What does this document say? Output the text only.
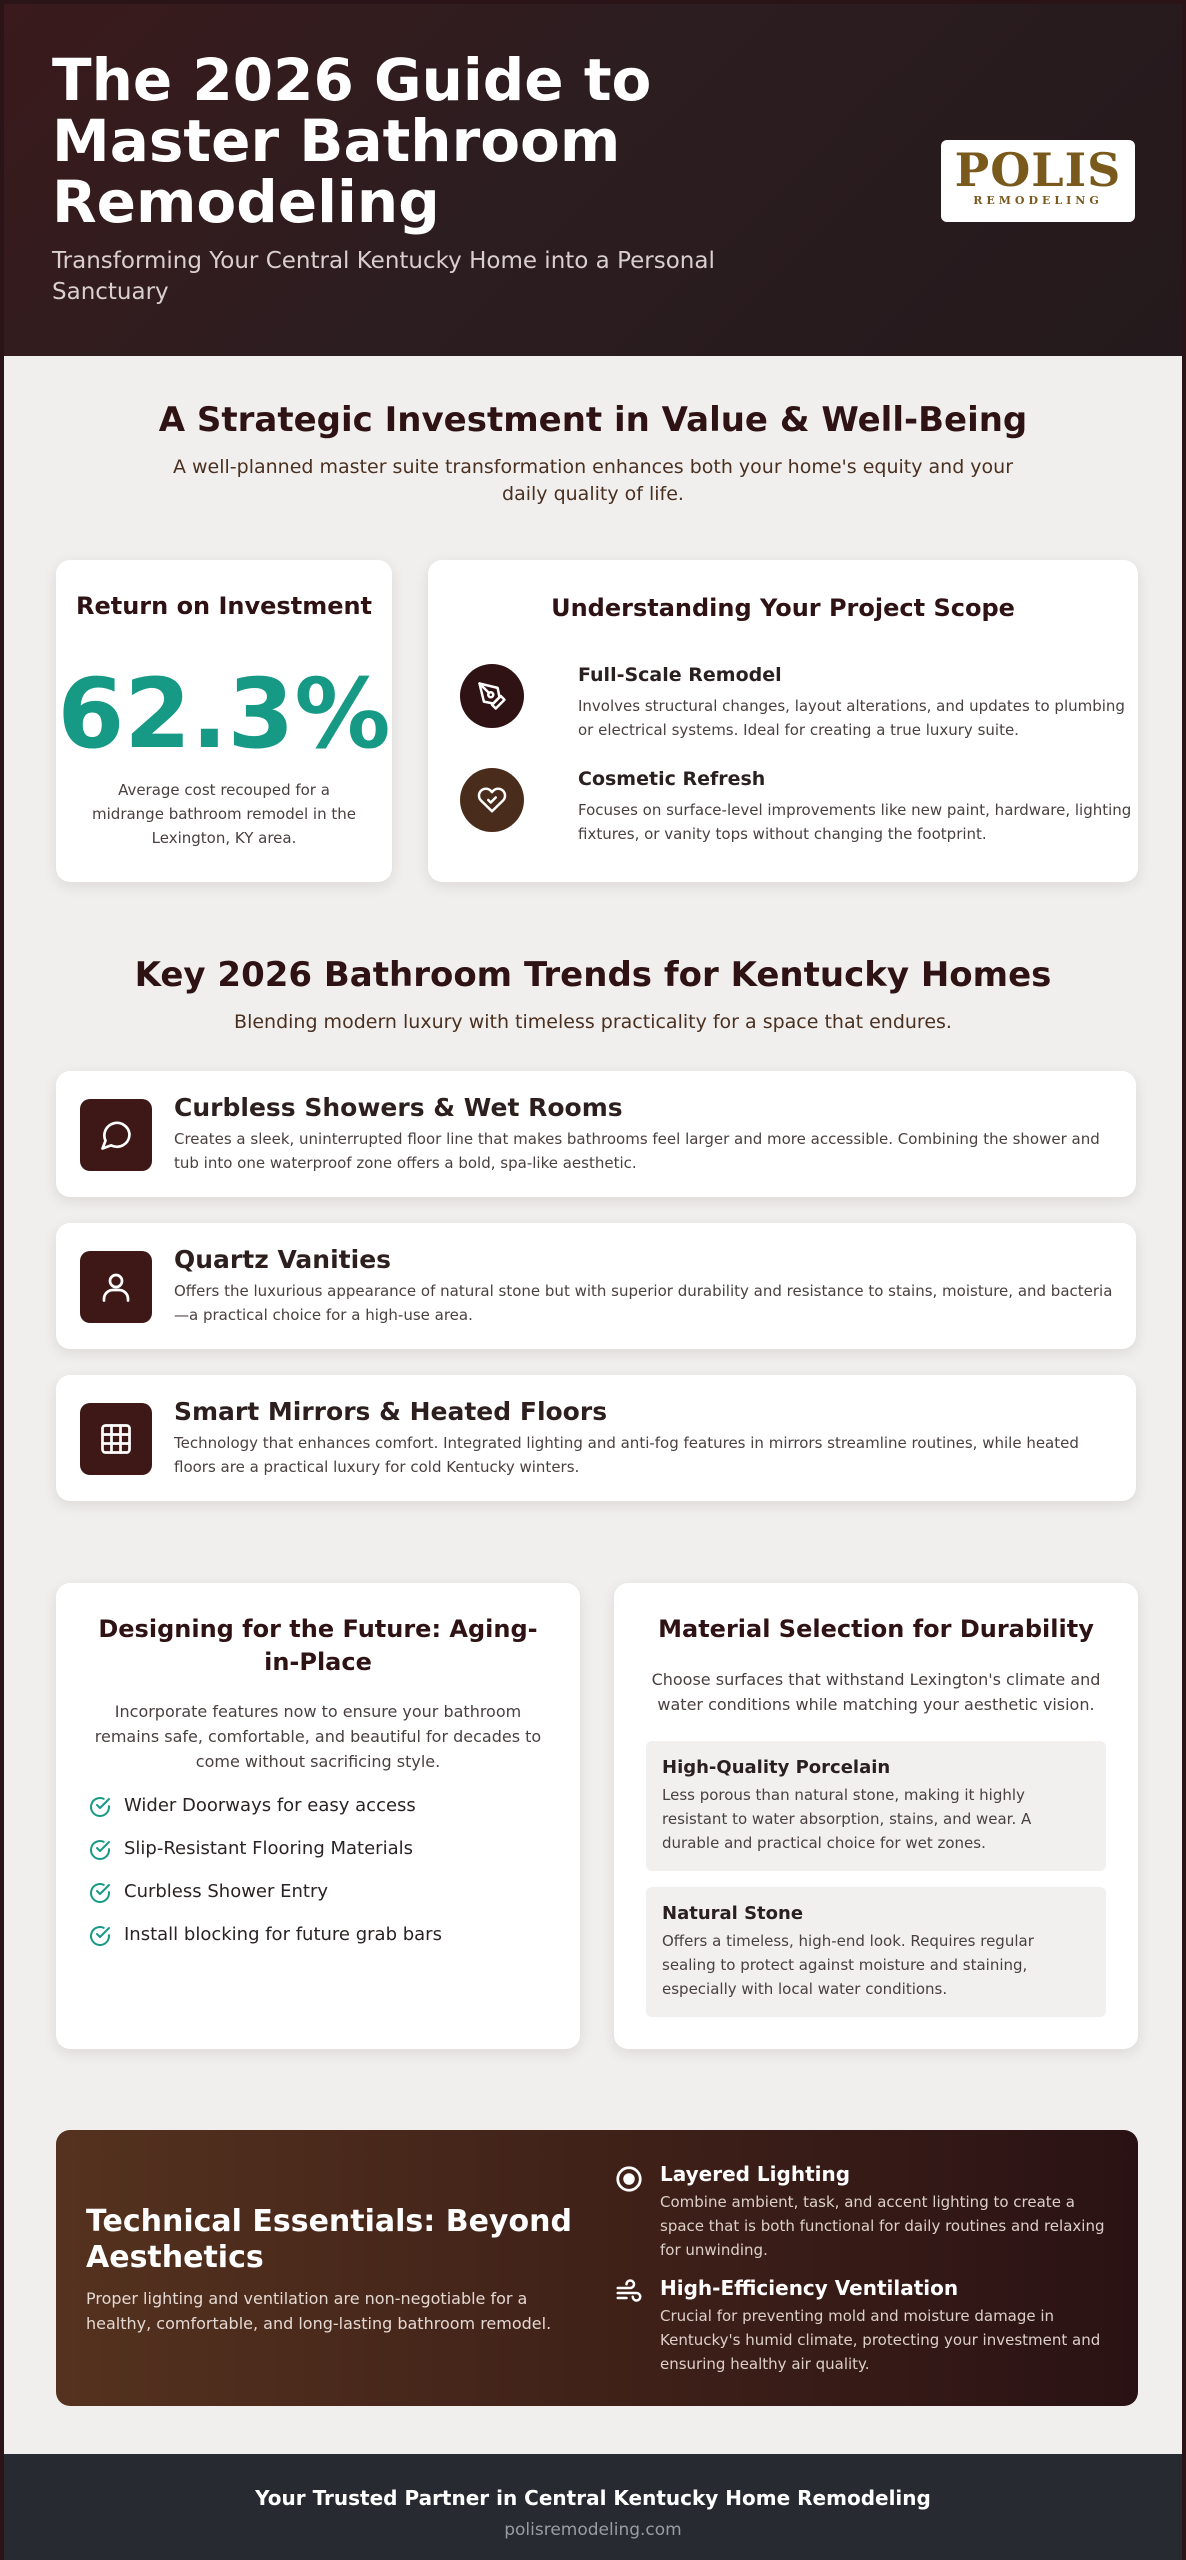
The 2026 Guide to Master Bathroom Remodeling

Transforming Your Central Kentucky Home into a Personal Sanctuary

POLIS
REMODELING
A Strategic Investment in Value & Well-Being

A well-planned master suite transformation enhances both your home's equity and your daily quality of life.

Return on Investment
62.3%
Average cost recouped for a midrange bathroom remodel in the Lexington, KY area.
Understanding Your Project Scope
Full-Scale Remodel
Involves structural changes, layout alterations, and updates to plumbing or electrical systems. Ideal for creating a true luxury suite.
Cosmetic Refresh
Focuses on surface-level improvements like new paint, hardware, lighting fixtures, or vanity tops without changing the footprint.
Key 2026 Bathroom Trends for Kentucky Homes

Blending modern luxury with timeless practicality for a space that endures.

Curbless Showers & Wet Rooms
Creates a sleek, uninterrupted floor line that makes bathrooms feel larger and more accessible. Combining the shower and tub into one waterproof zone offers a bold, spa-like aesthetic.
Quartz Vanities
Offers the luxurious appearance of natural stone but with superior durability and resistance to stains, moisture, and bacteria—a practical choice for a high-use area.
Smart Mirrors & Heated Floors
Technology that enhances comfort. Integrated lighting and anti-fog features in mirrors streamline routines, while heated floors are a practical luxury for cold Kentucky winters.
Designing for the Future: Aging-in-Place
Incorporate features now to ensure your bathroom remains safe, comfortable, and beautiful for decades to come without sacrificing style.
Wider Doorways for easy access
Slip-Resistant Flooring Materials
Curbless Shower Entry
Install blocking for future grab bars
Material Selection for Durability
Choose surfaces that withstand Lexington's climate and water conditions while matching your aesthetic vision.
High-Quality Porcelain
Less porous than natural stone, making it highly resistant to water absorption, stains, and wear. A durable and practical choice for wet zones.
Natural Stone
Offers a timeless, high-end look. Requires regular sealing to protect against moisture and staining, especially with local water conditions.
Technical Essentials: Beyond Aesthetics
Proper lighting and ventilation are non-negotiable for a healthy, comfortable, and long-lasting bathroom remodel.
Layered Lighting
Combine ambient, task, and accent lighting to create a space that is both functional for daily routines and relaxing for unwinding.
High-Efficiency Ventilation
Crucial for preventing mold and moisture damage in Kentucky's humid climate, protecting your investment and ensuring healthy air quality.
Your Trusted Partner in Central Kentucky Home Remodeling
polisremodeling.com
